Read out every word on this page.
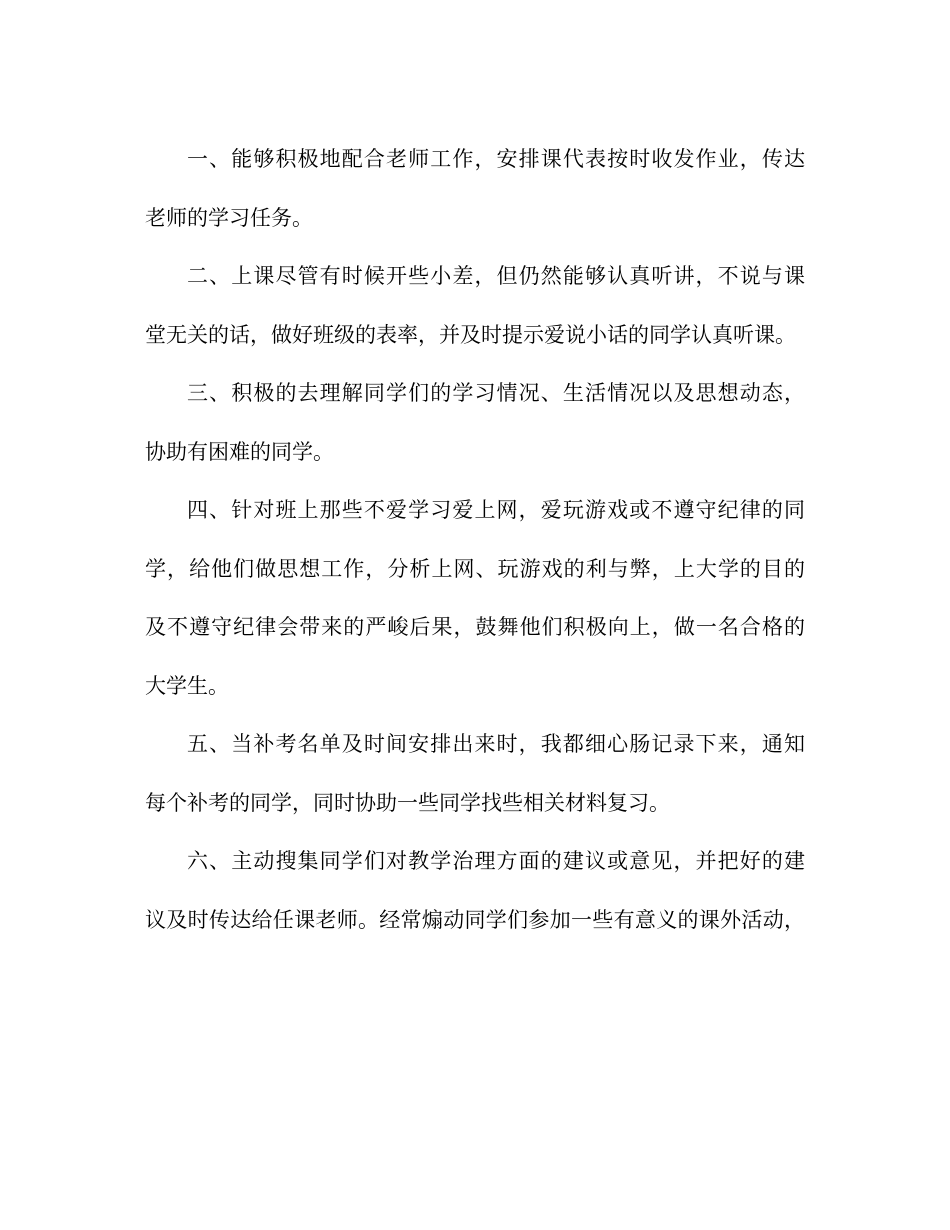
一、能够积极地配合老师工作，安排课代表按时收发作业，传达
老师的学习任务。
二、上课尽管有时候开些小差，但仍然能够认真听讲，不说与课
堂无关的话，做好班级的表率，并及时提示爱说小话的同学认真听课。
三、积极的去理解同学们的学习情况、生活情况以及思想动态，
协助有困难的同学。
四、针对班上那些不爱学习爱上网，爱玩游戏或不遵守纪律的同
学，给他们做思想工作，分析上网、玩游戏的利与弊，上大学的目的
及不遵守纪律会带来的严峻后果，鼓舞他们积极向上，做一名合格的
大学生。
五、当补考名单及时间安排出来时，我都细心肠记录下来，通知
每个补考的同学，同时协助一些同学找些相关材料复习。
六、主动搜集同学们对教学治理方面的建议或意见，并把好的建
议及时传达给任课老师。经常煽动同学们参加一些有意义的课外活动，
